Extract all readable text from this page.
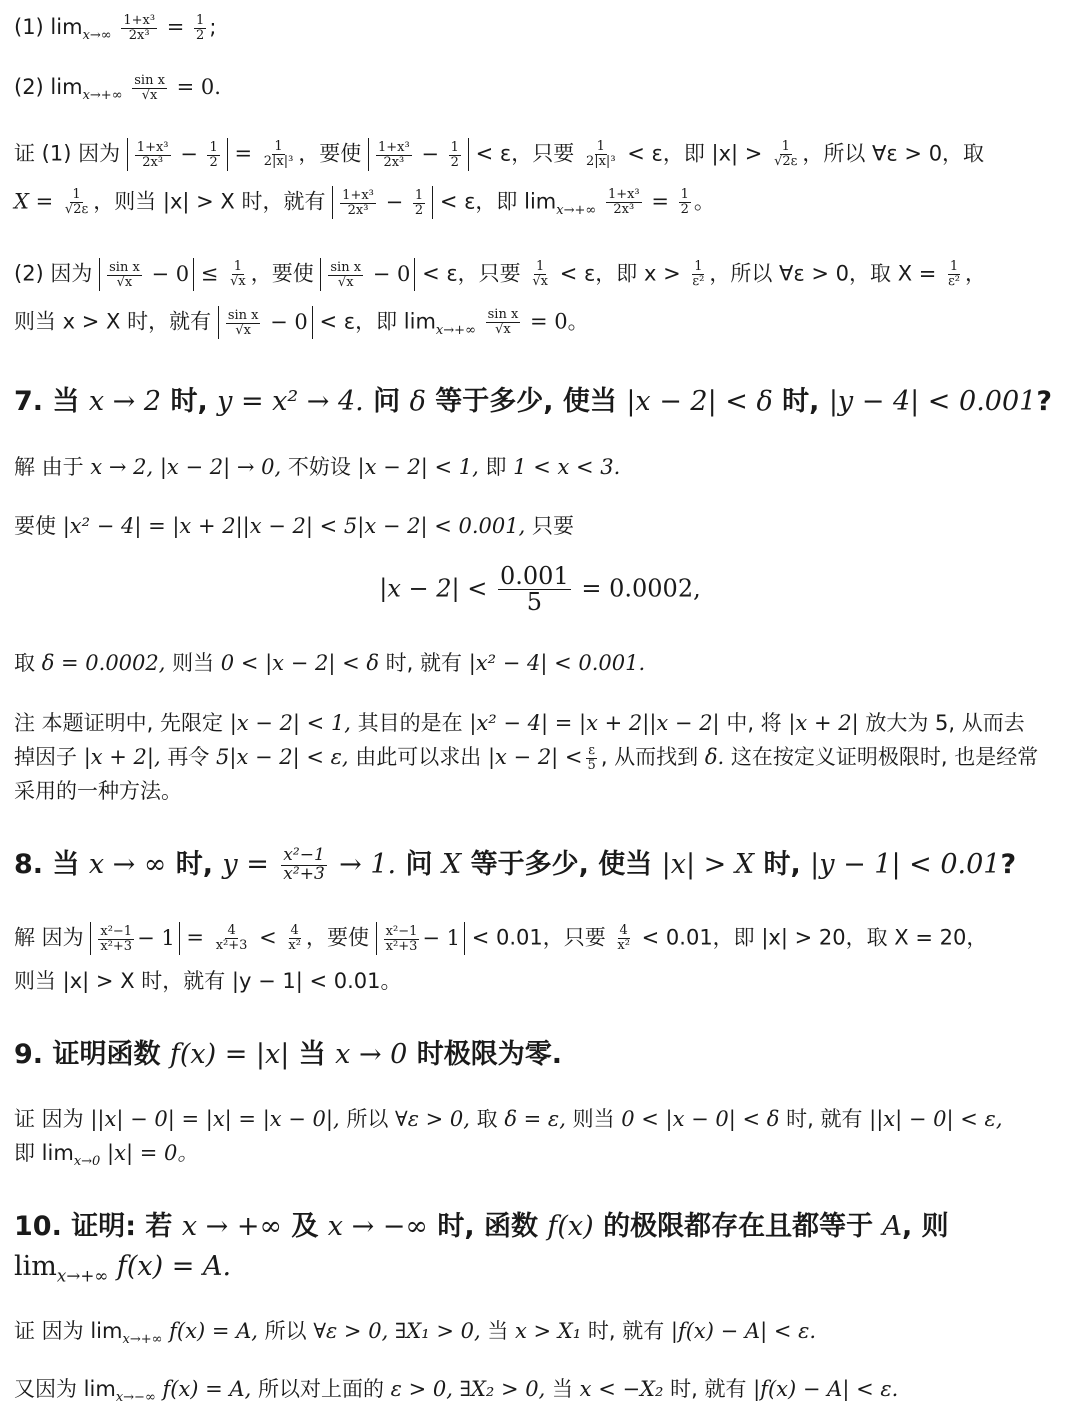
(1) $\lim_{x\to\infty} \frac{\text{1+x³}}{\text{2x³}} = \frac{1}{2}$ ;
(2) $\lim_{x\to+\infty} \frac{\text{sin x}}{√x} = 0$.
证 (1) 因为 $\frac{\text{1+x³}}{\text{2x³}} - \frac{1}{2} = \frac{1}{\text{2|x|³}}$ ，要使 $\frac{\text{1+x³}}{\text{2x³}} - \frac{1}{2} < \varepsilon$，只要 $\frac{1}{\text{2|x|³}} < \varepsilon$，即 $|x| > \frac{1}{√2\varepsilon}$ ，所以 ∀ε > 0，取
$X = \frac{1}{√2\varepsilon}$ ，则当 |x| > X 时，就有 $\frac{\text{1+x³}}{\text{2x³}} - \frac{1}{2} < \varepsilon$，即 $\lim_{x\to+\infty} \frac{\text{1+x³}}{\text{2x³}} = \frac{1}{2}$ 。
(2) 因为 $\frac{\text{sin x}}{√x} - 0 \le \frac{1}{√x}$ ，要使 $\frac{\text{sin x}}{√x} - 0 < \varepsilon$，只要 $\frac{1}{√x} < \varepsilon$，即 $x > \frac{1}{\text{ε²}}$ ，所以 ∀ε > 0，取 $X = \frac{1}{\text{ε²}}$ ，
则当 x > X 时，就有 $\frac{\text{sin x}}{√x} - 0 < \varepsilon$，即 $\lim_{x\to+\infty} \frac{\text{sin x}}{√x} = 0$。
7. 当 x → 2 时, y = x² → 4. 问 δ 等于多少, 使当 |x − 2| < δ 时, |y − 4| < 0.001?
解 由于 x → 2, |x − 2| → 0, 不妨设 |x − 2| < 1, 即 1 < x < 3.
要使 |x² − 4| = |x + 2||x − 2| < 5|x − 2| < 0.001, 只要
$|x - 2| < \frac{0.001}{5} = 0.0002$,
取 δ = 0.0002, 则当 0 < |x − 2| < δ 时, 就有 |x² − 4| < 0.001.
注 本题证明中, 先限定 |x − 2| < 1, 其目的是在 |x² − 4| = |x + 2||x − 2| 中, 将 |x + 2| 放大为 5, 从而去
掉因子 |x + 2|, 再令 5|x − 2| < ε, 由此可以求出 $|x - 2| < \frac{\varepsilon}{5}$ , 从而找到 δ. 这在按定义证明极限时, 也是经常
采用的一种方法。
8. 当 x → ∞ 时, $y = \frac{\text{x²−1}}{\text{x²+3}} \to 1$. 问 X 等于多少, 使当 |x| > X 时, |y − 1| < 0.01?
解 因为 $\frac{\text{x²−1}}{\text{x²+3}} - 1 = \frac{4}{\text{x²+3}} < \frac{4}{\text{x²}}$ ，要使 $\frac{\text{x²−1}}{\text{x²+3}} - 1 < 0.01$，只要 $\frac{4}{\text{x²}} < 0.01$，即 |x| > 20，取 X = 20，
则当 |x| > X 时，就有 |y − 1| < 0.01。
9. 证明函数 f(x) = |x| 当 x → 0 时极限为零.
证 因为 ||x| − 0| = |x| = |x − 0|, 所以 ∀ε > 0, 取 δ = ε, 则当 0 < |x − 0| < δ 时, 就有 ||x| − 0| < ε,
即 $\lim_{x\to 0} |x| = 0$。
10. 证明: 若 x → +∞ 及 x → −∞ 时, 函数 f(x) 的极限都存在且都等于 A, 则
$\lim_{x\to+\infty} f(x) = A$.
证 因为 $\lim_{x\to+\infty} f(x) = A$, 所以 ∀ε > 0, ∃X₁ > 0, 当 x > X₁ 时, 就有 |f(x) − A| < ε.
又因为 $\lim_{x\to-\infty} f(x) = A$, 所以对上面的 ε > 0, ∃X₂ > 0, 当 x < −X₂ 时, 就有 |f(x) − A| < ε.
